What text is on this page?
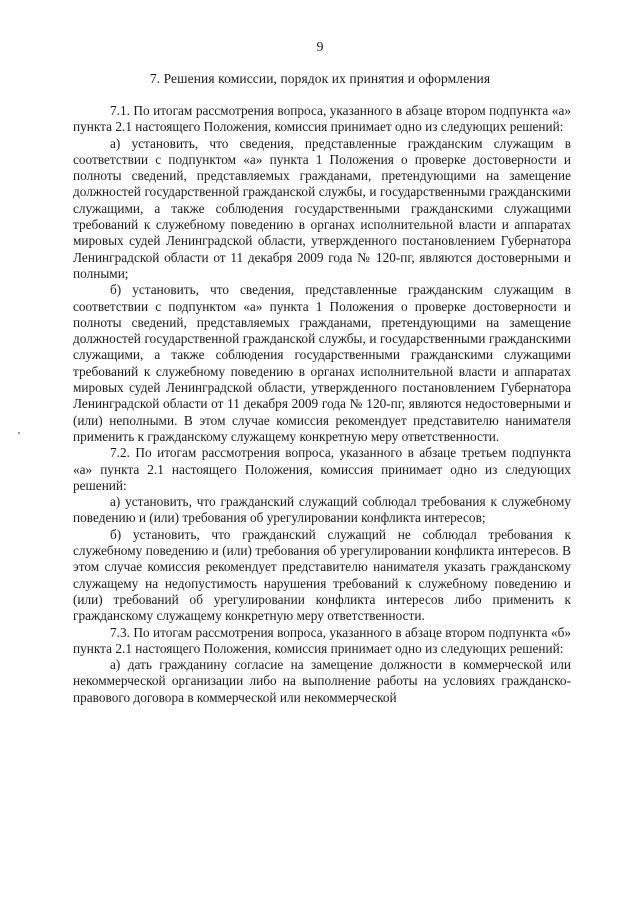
9
7. Решения комиссии, порядок их принятия и оформления

7.1. По итогам рассмотрения вопроса, указанного в абзаце втором подпункта «а» пункта 2.1 настоящего Положения, комиссия принимает одно из следующих решений:

а) установить, что сведения, представленные гражданским служащим в соответствии с подпунктом «а» пункта 1 Положения о проверке достоверности и полноты сведений, представляемых гражданами, претендующими на замещение должностей государственной гражданской службы, и государственными гражданскими служащими, а также соблюдения государственными гражданскими служащими требований к служебному поведению в органах исполнительной власти и аппаратах мировых судей Ленинградской области, утвержденного постановлением Губернатора Ленинградской области от 11 декабря 2009 года № 120-пг, являются достоверными и полными;

б) установить, что сведения, представленные гражданским служащим в соответствии с подпунктом «а» пункта 1 Положения о проверке достоверности и полноты сведений, представляемых гражданами, претендующими на замещение должностей государственной гражданской службы, и государственными гражданскими служащими, а также соблюдения государственными гражданскими служащими требований к служебному поведению в органах исполнительной власти и аппаратах мировых судей Ленинградской области, утвержденного постановлением Губернатора Ленинградской области от 11 декабря 2009 года № 120-пг, являются недостоверными и (или) неполными. В этом случае комиссия рекомендует представителю нанимателя применить к гражданскому служащему конкретную меру ответственности.

7.2. По итогам рассмотрения вопроса, указанного в абзаце третьем подпункта «а» пункта 2.1 настоящего Положения, комиссия принимает одно из следующих решений:

а) установить, что гражданский служащий соблюдал требования к служебному поведению и (или) требования об урегулировании конфликта интересов;

б) установить, что гражданский служащий не соблюдал требования к служебному поведению и (или) требования об урегулировании конфликта интересов. В этом случае комиссия рекомендует представителю нанимателя указать гражданскому служащему на недопустимость нарушения требований к служебному поведению и (или) требований об урегулировании конфликта интересов либо применить к гражданскому служащему конкретную меру ответственности.

7.3. По итогам рассмотрения вопроса, указанного в абзаце втором подпункта «б» пункта 2.1 настоящего Положения, комиссия принимает одно из следующих решений:

а) дать гражданину согласие на замещение должности в коммерческой или некоммерческой организации либо на выполнение работы на условиях гражданско-правового договора в коммерческой или некоммерческой
